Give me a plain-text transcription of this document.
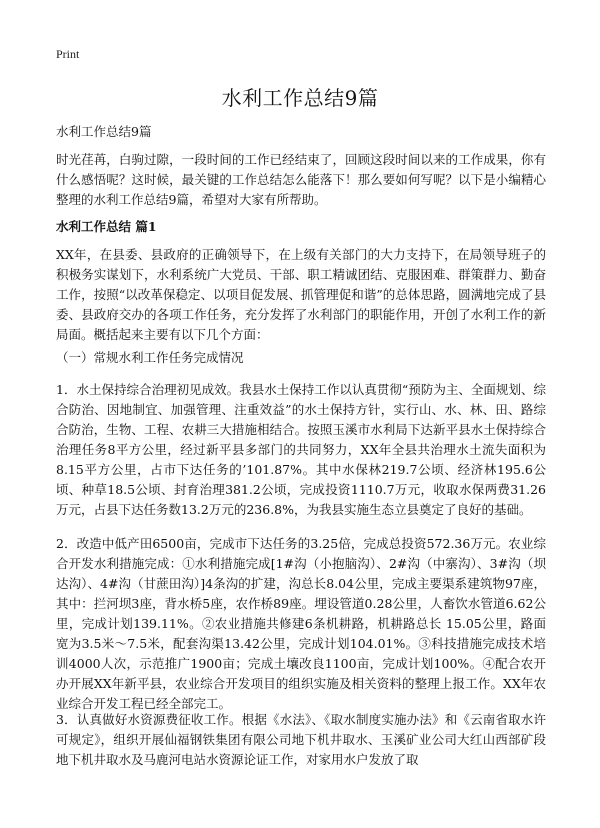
Print
水利工作总结9篇
水利工作总结9篇

时光荏苒，白驹过隙，一段时间的工作已经结束了，回顾这段时间以来的工作成果，你有什么感悟呢？这时候，最关键的工作总结怎么能落下！那么要如何写呢？以下是小编精心整理的水利工作总结9篇，希望对大家有所帮助。

水利工作总结 篇1

XX年，在县委、县政府的正确领导下，在上级有关部门的大力支持下，在局领导班子的积极务实谋划下，水利系统广大党员、干部、职工精诚团结、克服困难、群策群力、勤奋工作，按照“以改革保稳定、以项目促发展、抓管理促和谐”的总体思路，圆满地完成了县委、县政府交办的各项工作任务，充分发挥了水利部门的职能作用，开创了水利工作的新局面。概括起来主要有以下几个方面：

（一）常规水利工作任务完成情况

1．水土保持综合治理初见成效。我县水土保持工作以认真贯彻“预防为主、全面规划、综合防治、因地制宜、加强管理、注重效益”的水土保持方针，实行山、水、林、田、路综合防治，生物、工程、农耕三大措施相结合。按照玉溪市水利局下达新平县水土保持综合治理任务8平方公里，经过新平县多部门的共同努力，XX年全县共治理水土流失面积为8.15平方公里，占市下达任务的’101.87%。其中水保林219.7公顷、经济林195.6公顷、种草18.5公顷、封育治理381.2公顷，完成投资1110.7万元，收取水保两费31.26万元，占县下达任务数13.2万元的236.8%，为我县实施生态立县奠定了良好的基础。

2．改造中低产田6500亩，完成市下达任务的3.25倍，完成总投资572.36万元。农业综合开发水利措施完成：①水利措施完成[1#沟（小抱脑沟）、2#沟（中寨沟）、3#沟（坝达沟）、4#沟（甘蔗田沟）]4条沟的扩建，沟总长8.04公里，完成主要渠系建筑物97座，其中：拦河坝3座，背水桥5座，农作桥89座。埋设管道0.28公里，人畜饮水管道6.62公里，完成计划139.11%。②农业措施共修建6条机耕路，机耕路总长 15.05公里，路面宽为3.5米～7.5米，配套沟渠13.42公里，完成计划104.01%。③科技措施完成技术培训4000人次，示范推广1900亩；完成土壤改良1100亩，完成计划100%。④配合农开办开展XX年新平县，农业综合开发项目的组织实施及相关资料的整理上报工作。XX年农业综合开发工程已经全部完工。

3．认真做好水资源费征收工作。根据《水法》、《取水制度实施办法》和《云南省取水许可规定》，组织开展仙福钢铁集团有限公司地下机井取水、玉溪矿业公司大红山西部矿段地下机井取水及马鹿河电站水资源论证工作，对家用水户发放了取
